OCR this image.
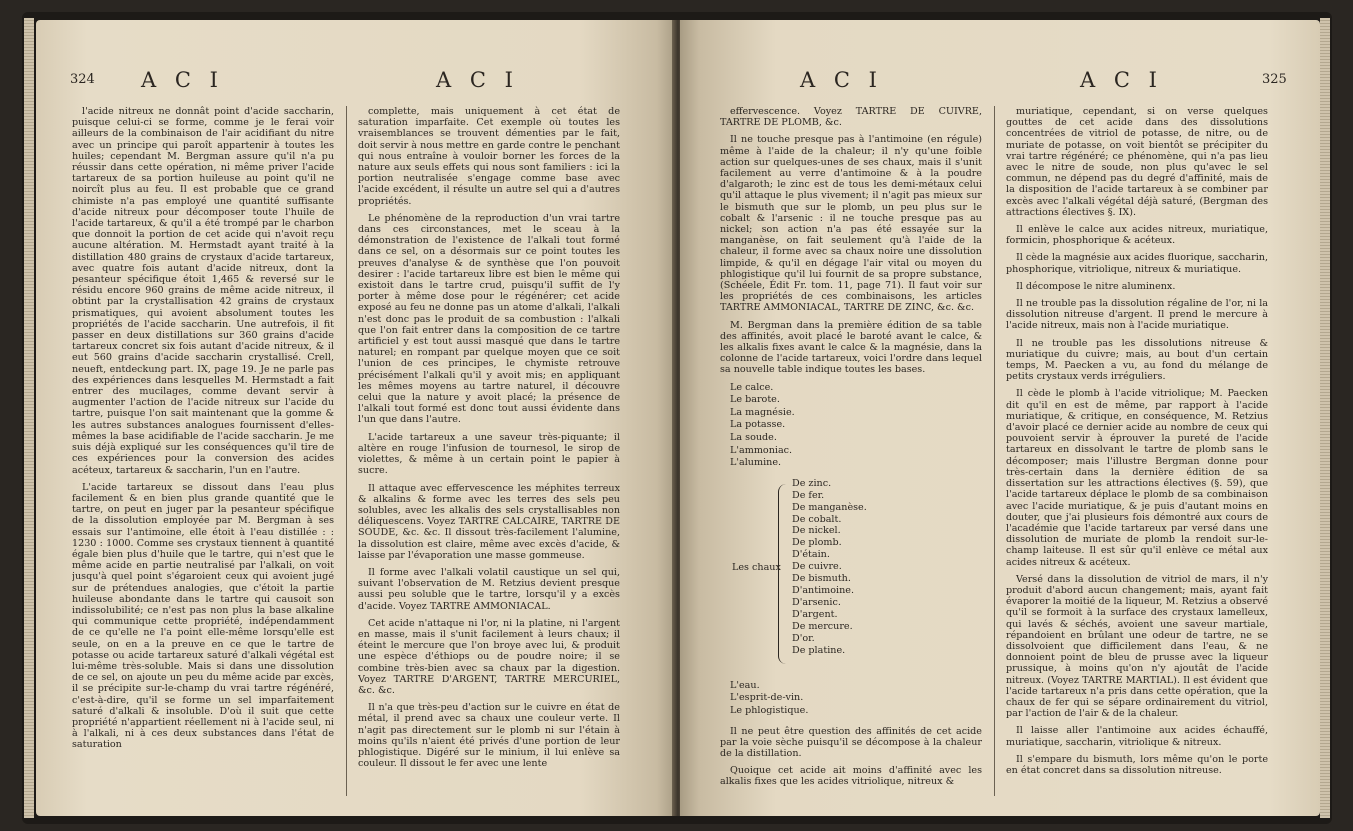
324 A C I	A C I

l'acide nitreux ne donnât point d'acide saccharin, puisque celui-ci se forme, comme je le ferai voir ailleurs de la combinaison de l'air acidifiant du nitre avec un principe qui paroît appartenir à toutes les huiles; cependant M. Bergman assure qu'il n'a pu réussir dans cette opération, ni même priver l'acide tartareux de sa portion huileuse au point qu'il ne noircît plus au feu. Il est probable que ce grand chimiste n'a pas employé une quantité suffisante d'acide nitreux pour décomposer toute l'huile de l'acide tartareux, & qu'il a été trompé par le charbon que donnoit la portion de cet acide qui n'avoit reçu aucune altération. M. Hermstadt ayant traité à la distillation 480 grains de crystaux d'acide tartareux, avec quatre fois autant d'acide nitreux, dont la pesanteur spécifique étoit 1,465 & reversé sur le résidu encore 960 grains de même acide nitreux, il obtint par la crystallisation 42 grains de crystaux prismatiques, qui avoient absolument toutes les propriétés de l'acide saccharin. Une autrefois, il fit passer en deux distillations sur 360 grains d'acide tartareux concret six fois autant d'acide nitreux, & il eut 560 grains d'acide saccharin crystallisé. Crell, neueft, entdeckung part. IX, page 19. Je ne parle pas des expériences dans lesquelles M. Hermstadt a fait entrer des mucilages, comme devant servir à augmenter l'action de l'acide nitreux sur l'acide du tartre, puisque l'on sait maintenant que la gomme & les autres substances analogues fournissent d'elles-mêmes la base acidifiable de l'acide saccharin. Je me suis déjà expliqué sur les conséquences qu'il tire de ces expériences pour la conversion des acides acéteux, tartareux & saccharin, l'un en l'autre.

L'acide tartareux se dissout dans l'eau plus facilement & en bien plus grande quantité que le tartre, on peut en juger par la pesanteur spécifique de la dissolution employée par M. Bergman à ses essais sur l'antimoine, elle étoit à l'eau distillée : : 1230 : 1000. Comme ses crystaux tiennent à quantité égale bien plus d'huile que le tartre, qui n'est que le même acide en partie neutralisé par l'alkali, on voit jusqu'à quel point s'égaroient ceux qui avoient jugé sur de prétendues analogies, que c'étoit la partie huileuse abondante dans le tartre qui causoit son indissolubilité; ce n'est pas non plus la base alkaline qui communique cette propriété, indépendamment de ce qu'elle ne l'a point elle-même lorsqu'elle est seule, on en a la preuve en ce que le tartre de potasse ou acide tartareux saturé d'alkali végétal est lui-même très-soluble. Mais si dans une dissolution de ce sel, on ajoute un peu du même acide par excès, il se précipite sur-le-champ du vrai tartre régénéré, c'est-à-dire, qu'il se forme un sel imparfaitement saturé d'alkali & insoluble. D'où il suit que cette propriété n'appartient réellement ni à l'acide seul, ni à l'alkali, ni à ces deux substances dans l'état de saturation

complette, mais uniquement à cet état de saturation imparfaite. Cet exemple où toutes les vraisemblances se trouvent démenties par le fait, doit servir à nous mettre en garde contre le penchant qui nous entraîne à vouloir borner les forces de la nature aux seuls effets qui nous sont familiers : ici la portion neutralisée s'engage comme base avec l'acide excédent, il résulte un autre sel qui a d'autres propriétés.

Le phénomène de la reproduction d'un vrai tartre dans ces circonstances, met le sceau à la démonstration de l'existence de l'alkali tout formé dans ce sel, on a désormais sur ce point toutes les preuves d'analyse & de synthèse que l'on pouvoit desirer : l'acide tartareux libre est bien le même qui existoit dans le tartre crud, puisqu'il suffit de l'y porter à même dose pour le régénérer; cet acide exposé au feu ne donne pas un atome d'alkali, l'alkali n'est donc pas le produit de sa combustion : l'alkali que l'on fait entrer dans la composition de ce tartre artificiel y est tout aussi masqué que dans le tartre naturel; en rompant par quelque moyen que ce soit l'union de ces principes, le chymiste retrouve précisément l'alkali qu'il y avoit mis; en appliquant les mêmes moyens au tartre naturel, il découvre celui que la nature y avoit placé; la présence de l'alkali tout formé est donc tout aussi évidente dans l'un que dans l'autre.

L'acide tartareux a une saveur très-piquante; il altère en rouge l'infusion de tournesol, le sirop de violettes, & même à un certain point le papier à sucre.

Il attaque avec effervescence les méphites terreux & alkalins & forme avec les terres des sels peu solubles, avec les alkalis des sels crystallisables non déliquescens. Voyez TARTRE CALCAIRE, TARTRE DE SOUDE, &c. &c. Il dissout très-facilement l'alumine, la dissolution est claire, même avec excès d'acide, & laisse par l'évaporation une masse gommeuse.

Il forme avec l'alkali volatil caustique un sel qui, suivant l'observation de M. Retzius devient presque aussi peu soluble que le tartre, lorsqu'il y a excès d'acide. Voyez TARTRE AMMONIACAL.

Cet acide n'attaque ni l'or, ni la platine, ni l'argent en masse, mais il s'unit facilement à leurs chaux; il éteint le mercure que l'on broye avec lui, & produit une espèce d'éthiops ou de poudre noire; il se combine très-bien avec sa chaux par la digestion. Voyez TARTRE D'ARGENT, TARTRE MERCURIEL, &c. &c.

Il n'a que très-peu d'action sur le cuivre en état de métal, il prend avec sa chaux une couleur verte. Il n'agit pas directement sur le plomb ni sur l'étain à moins qu'ils n'aient été privés d'une portion de leur phlogistique. Digéré sur le minium, il lui enlève sa couleur. Il dissout le fer avec une lente

A C I	A C I	325

effervescence. Voyez TARTRE DE CUIVRE, TARTRE DE PLOMB, &c.

Il ne touche presque pas à l'antimoine (en régule) même à l'aide de la chaleur; il n'y qu'une foible action sur quelques-unes de ses chaux, mais il s'unit facilement au verre d'antimoine & à la poudre d'algaroth; le zinc est de tous les demi-métaux celui qu'il attaque le plus vivement; il n'agit pas mieux sur le bismuth que sur le plomb, un peu plus sur le cobalt & l'arsenic : il ne touche presque pas au nickel; son action n'a pas été essayée sur la manganèse, on fait seulement qu'à l'aide de la chaleur, il forme avec sa chaux noire une dissolution limpide, & qu'il en dégage l'air vital ou moyen du phlogistique qu'il lui fournit de sa propre substance, (Schéele, Édit Fr. tom. 11, page 71). Il faut voir sur les propriétés de ces combinaisons, les articles TARTRE AMMONIACAL, TARTRE DE ZINC, &c. &c.

M. Bergman dans la première édition de sa table des affinités, avoit placé le baroté avant le calce, & les alkalis fixes avant le calce & la magnésie, dans la colonne de l'acide tartareux, voici l'ordre dans lequel sa nouvelle table indique toutes les bases.

Le calce.
Le barote.
La magnésie.
La potasse.
La soude.
L'ammoniac.
L'alumine.
Les chaux
De zinc.
De fer.
De manganèse.
De cobalt.
De nickel.
De plomb.
D'étain.
De cuivre.
De bismuth.
D'antimoine.
D'arsenic.
D'argent.
De mercure.
D'or.
De platine.
L'eau.
L'esprit-de-vin.
Le phlogistique.

Il ne peut être question des affinités de cet acide par la voie sèche puisqu'il se décompose à la chaleur de la distillation.

Quoique cet acide ait moins d'affinité avec les alkalis fixes que les acides vitriolique, nitreux &

muriatique, cependant, si on verse quelques gouttes de cet acide dans des dissolutions concentrées de vitriol de potasse, de nitre, ou de muriate de potasse, on voit bientôt se précipiter du vrai tartre régénéré; ce phénomène, qui n'a pas lieu avec le nitre de soude, non plus qu'avec le sel commun, ne dépend pas du degré d'affinité, mais de la disposition de l'acide tartareux à se combiner par excès avec l'alkali végétal déjà saturé, (Bergman des attractions électives §. IX).

Il enlève le calce aux acides nitreux, muriatique, formicin, phosphorique & acéteux.

Il cède la magnésie aux acides fluorique, saccharin, phosphorique, vitriolique, nitreux & muriatique.

Il décompose le nitre aluminenx.

Il ne trouble pas la dissolution régaline de l'or, ni la dissolution nitreuse d'argent. Il prend le mercure à l'acide nitreux, mais non à l'acide muriatique.

Il ne trouble pas les dissolutions nitreuse & muriatique du cuivre; mais, au bout d'un certain temps, M. Paecken a vu, au fond du mélange de petits crystaux verds irréguliers.

Il cède le plomb à l'acide vitriolique; M. Paecken dit qu'il en est de même, par rapport à l'acide muriatique, & critique, en conséquence, M. Retzius d'avoir placé ce dernier acide au nombre de ceux qui pouvoient servir à éprouver la pureté de l'acide tartareux en dissolvant le tartre de plomb sans le décomposer; mais l'illustre Bergman donne pour très-certain dans la dernière édition de sa dissertation sur les attractions électives (§. 59), que l'acide tartareux déplace le plomb de sa combinaison avec l'acide muriatique, & je puis d'autant moins en douter, que j'ai plusieurs fois démontré aux cours de l'académie que l'acide tartareux par versé dans une dissolution de muriate de plomb la rendoit sur-le-champ laiteuse. Il est sûr qu'il enlève ce métal aux acides nitreux & acéteux.

Versé dans la dissolution de vitriol de mars, il n'y produit d'abord aucun changement; mais, ayant fait évaporer la moitié de la liqueur, M. Retzius a observé qu'il se formoit à la surface des crystaux lamelleux, qui lavés & séchés, avoient une saveur martiale, répandoient en brûlant une odeur de tartre, ne se dissolvoient que difficilement dans l'eau, & ne donnoient point de bleu de prusse avec la liqueur prussique, à moins qu'on n'y ajoutât de l'acide nitreux. (Voyez TARTRE MARTIAL). Il est évident que l'acide tartareux n'a pris dans cette opération, que la chaux de fer qui se sépare ordinairement du vitriol, par l'action de l'air & de la chaleur.

Il laisse aller l'antimoine aux acides échauffé, muriatique, saccharin, vitriolique & nitreux.

Il s'empare du bismuth, lors même qu'on le porte en état concret dans sa dissolution nitreuse.
